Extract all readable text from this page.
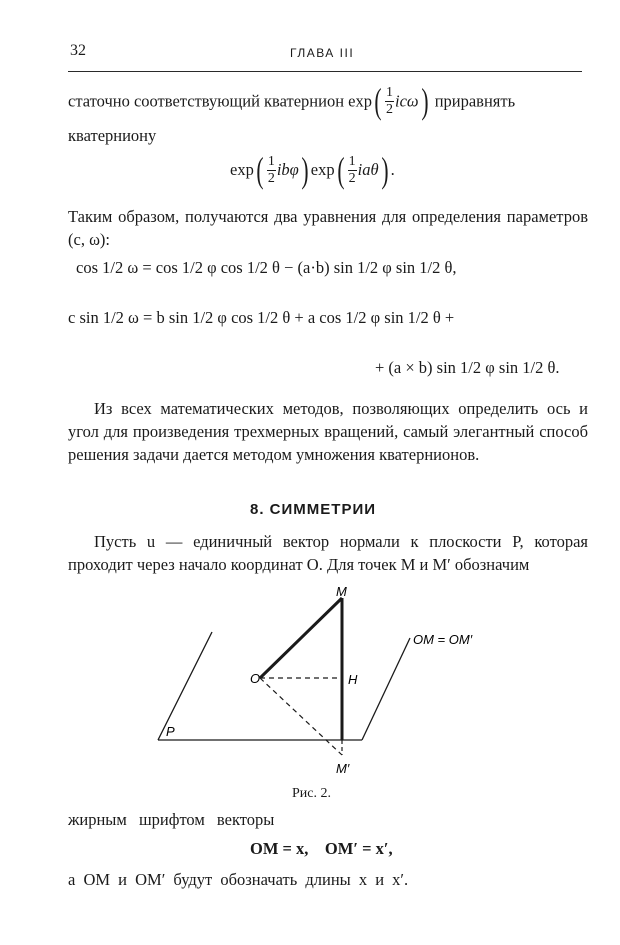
32	ГЛАВА III
статочно соответствующий кватернион $\exp( \frac{1}{2} ic\omega)$ приравнять
кватерниону
$\exp( \frac{1}{2} ib\varphi)$ $\exp( \frac{1}{2} ia\theta)$ .
Таким образом, получаются два уравнения для определения параметров (c, ω):
cos 1/2 ω = cos 1/2 φ cos 1/2 θ − (a·b) sin 1/2 φ sin 1/2 θ,
c sin 1/2 ω = b sin 1/2 φ cos 1/2 θ + a cos 1/2 φ sin 1/2 θ +
+ (a × b) sin 1/2 φ sin 1/2 θ.
Из всех математических методов, позволяющих определить ось и угол для произведения трехмерных вращений, самый элегантный способ решения задачи дается методом умножения кватернионов.
8. СИММЕТРИИ
Пусть u — единичный вектор нормали к плоскости P, которая проходит через начало координат O. Для точек M и M′ обозначим
M
O	H
P
M′
OM = OM′
Рис. 2.
жирным шрифтом векторы
OM = x,    OM′ = x′,
а OM и OM′ будут обозначать длины x и x′.
